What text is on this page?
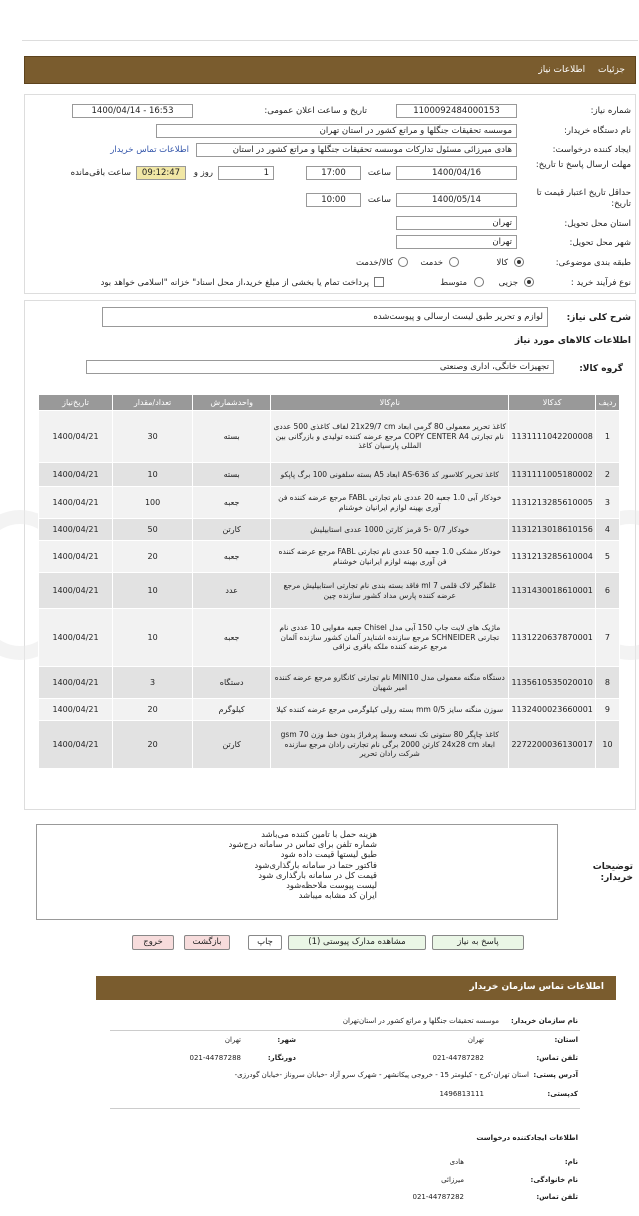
جزئیات اطلاعات نیاز
شماره نیاز:
1100092484000153
تاریخ و ساعت اعلان عمومی:
1400/04/14 - 16:53
نام دستگاه خریدار:
موسسه تحقیقات جنگلها و مراتع کشور در استان تهران
ایجاد کننده درخواست:
هادی میرزائی مسئول تدارکات موسسه تحقیقات جنگلها و مراتع کشور در استان
اطلاعات تماس خریدار
مهلت ارسال پاسخ تا تاریخ:
1400/04/16
ساعت
17:00
1
روز و
09:12:47
ساعت باقی‌مانده
حداقل تاریخ اعتبار قیمت تا تاریخ:
1400/05/14
ساعت
10:00
استان محل تحویل:
تهران
شهر محل تحویل:
تهران
طبقه بندی موضوعی:
کالا
خدمت
کالا/خدمت
نوع فرآیند خرید :
جزیی
متوسط
پرداخت تمام یا بخشی از مبلغ خرید،از محل اسناد" خزانه "اسلامی خواهد بود
شرح کلی نیاز:
لوازم و تحریر طبق لیست ارسالی و پیوست‌شده
اطلاعات کالاهای مورد نیاز
گروه کالا:
تجهیزات خانگی، اداری وصنعتی
تاریخ‌نیاز	تعداد/مقدار	واحدشمارش	نام‌کالا	کدکالا	ردیف
1400/04/21	30	بسته	کاغذ تحریر معمولی 80 گرمی ابعاد 21x29/7 cm لفاف کاغذی 500 عددی نام تجارتی COPY CENTER A4 مرجع عرضه کننده تولیدی و بازرگانی بین المللی پارسیان کاغذ	1131111042200008	1
1400/04/21	10	بسته	کاغذ تحریر کلاسور کد AS-636 ابعاد A5 بسته سلفونی 100 برگ پاپکو	1131111005180002	2
1400/04/21	100	جعبه	خودکار آبی 1.0 جعبه 20 عددی نام تجارتی FABL مرجع عرضه کننده فن آوری بهینه لوازم ایرانیان خوشنام	1131213285610005	3
1400/04/21	50	کارتن	خودکار 0/7 -5 قرمز کارتن 1000 عددی استابیلیش	1131213018610156	4
1400/04/21	20	جعبه	خودکار مشکی 1.0 جعبه 50 عددی نام تجارتی FABL مرجع عرضه کننده فن آوری بهینه لوازم ایرانیان خوشنام	1131213285610004	5
1400/04/21	10	عدد	غلط‌گیر لاک قلمی 7 ml فاقد بسته بندی نام تجارتی استابیلیش مرجع عرضه کننده پارس مداد کشور سازنده چین	1131430018610001	6
1400/04/21	10	جعبه	ماژیک های لایت جاپ 150 آبی مدل Chisel جعبه مقوایی 10 عددی نام تجارتی SCHNEIDER مرجع سازنده اشنایدر آلمان کشور سازنده آلمان مرجع عرضه کننده ملکه باقری نراقی	1131220637870001	7
1400/04/21	3	دستگاه	دستگاه منگنه معمولی مدل MINI10 نام تجارتی کانگارو مرجع عرضه کننده امیر شهیان	1135610535020010	8
1400/04/21	20	کیلوگرم	سوزن منگنه سایز 0/5 mm بسته رولی کیلوگرمی مرجع عرضه کننده کیلا	1132400023660001	9
1400/04/21	20	کارتن	کاغذ چاپگر 80 ستونی تک نسخه وسط پرفراژ بدون خط وزن 70 gsm ابعاد 24x28 cm کارتن 2000 برگی نام تجارتی رادان مرجع سازنده شرکت رادان تحریر	2272200036130017	10
هزینه حمل با تامین کننده می‌باشد
شماره تلفن برای تماس در سامانه درج‌شود
طبق لیستها قیمت داده شود
فاکتور حتما در سامانه بارگذاری‌شود
قیمت کل در سامانه بارگذاری شود
لیست پیوست ملاحظه‌شود
ایران کد مشابه میباشد
توضیحات خریدار:
پاسخ به نیاز
مشاهده مدارک پیوستی (1)
چاپ
بازگشت
خروج
اطلاعات تماس سازمان خریدار
نام سازمان خریدار:
موسسه تحقیقات جنگلها و مراتع کشور در استان‌تهران
استان:
تهران
شهر:
تهران
تلفن تماس:
021-44787282
دورنگار:
021-44787288
آدرس پستی:
استان تهران-کرج - کیلومتر 15 - خروجی پیکانشهر - شهرک سرو آزاد -خیابان سروناز -خیابان گودرزی-
کدپستی:
1496813111
اطلاعات ایجادکننده درخواست
نام:
هادی
نام خانوادگی:
میرزائی
تلفن تماس:
021-44787282
